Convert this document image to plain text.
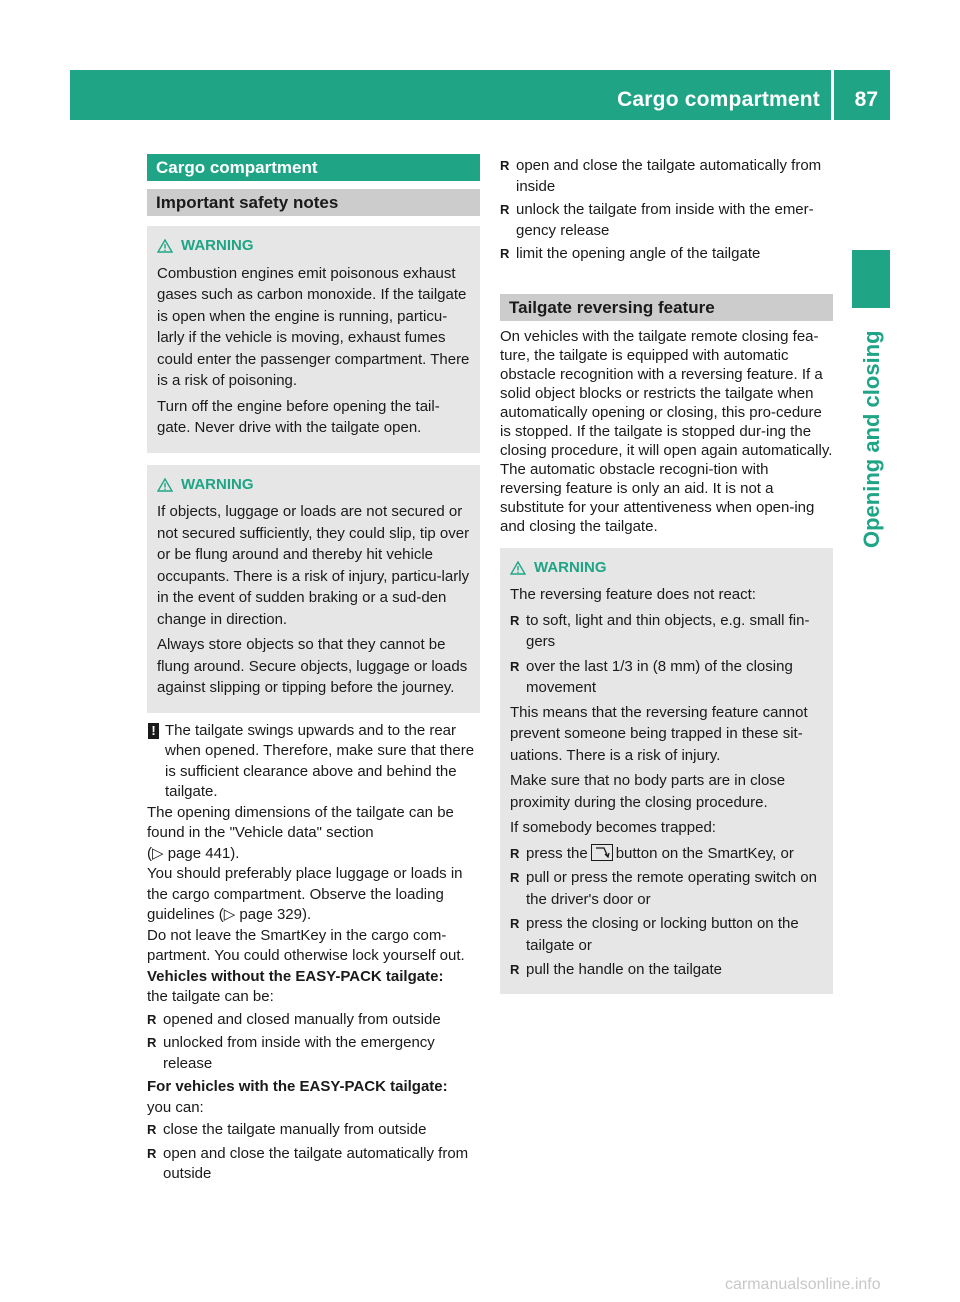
Cargo compartment 87
Opening and closing
Cargo compartment
Important safety notes
WARNING

Combustion engines emit poisonous exhaust gases such as carbon monoxide. If the tailgate is open when the engine is running, particu-larly if the vehicle is moving, exhaust fumes could enter the passenger compartment. There is a risk of poisoning.

Turn off the engine before opening the tail-gate. Never drive with the tailgate open.

WARNING

If objects, luggage or loads are not secured or not secured sufficiently, they could slip, tip over or be flung around and thereby hit vehicle occupants. There is a risk of injury, particu-larly in the event of sudden braking or a sud-den change in direction.

Always store objects so that they cannot be flung around. Secure objects, luggage or loads against slipping or tipping before the journey.

! The tailgate swings upwards and to the rear when opened. Therefore, make sure that there is sufficient clearance above and behind the tailgate.

The opening dimensions of the tailgate can be found in the "Vehicle data" section
(▷ page 441).

You should preferably place luggage or loads in the cargo compartment. Observe the loading guidelines (▷ page 329).

Do not leave the SmartKey in the cargo com-partment. You could otherwise lock yourself out.

Vehicles without the EASY-PACK tailgate:

the tailgate can be:

R opened and closed manually from outside
R unlocked from inside with the emergency release

For vehicles with the EASY-PACK tailgate:

you can:

R close the tailgate manually from outside
R open and close the tailgate automatically from outside
R open and close the tailgate automatically from inside
R unlock the tailgate from inside with the emer-gency release
R limit the opening angle of the tailgate
Tailgate reversing feature

On vehicles with the tailgate remote closing fea-ture, the tailgate is equipped with automatic obstacle recognition with a reversing feature. If a solid object blocks or restricts the tailgate when automatically opening or closing, this pro-cedure is stopped. If the tailgate is stopped dur-ing the closing procedure, it will open again automatically. The automatic obstacle recogni-tion with reversing feature is only an aid. It is not a substitute for your attentiveness when open-ing and closing the tailgate.

WARNING

The reversing feature does not react:

R to soft, light and thin objects, e.g. small fin-gers
R over the last 1/3 in (8 mm) of the closing movement

This means that the reversing feature cannot prevent someone being trapped in these sit-uations. There is a risk of injury.

Make sure that no body parts are in close proximity during the closing procedure.

If somebody becomes trapped:

R press the button on the SmartKey, or
R pull or press the remote operating switch on the driver's door or
R press the closing or locking button on the tailgate or
R pull the handle on the tailgate
carmanualsonline.info
